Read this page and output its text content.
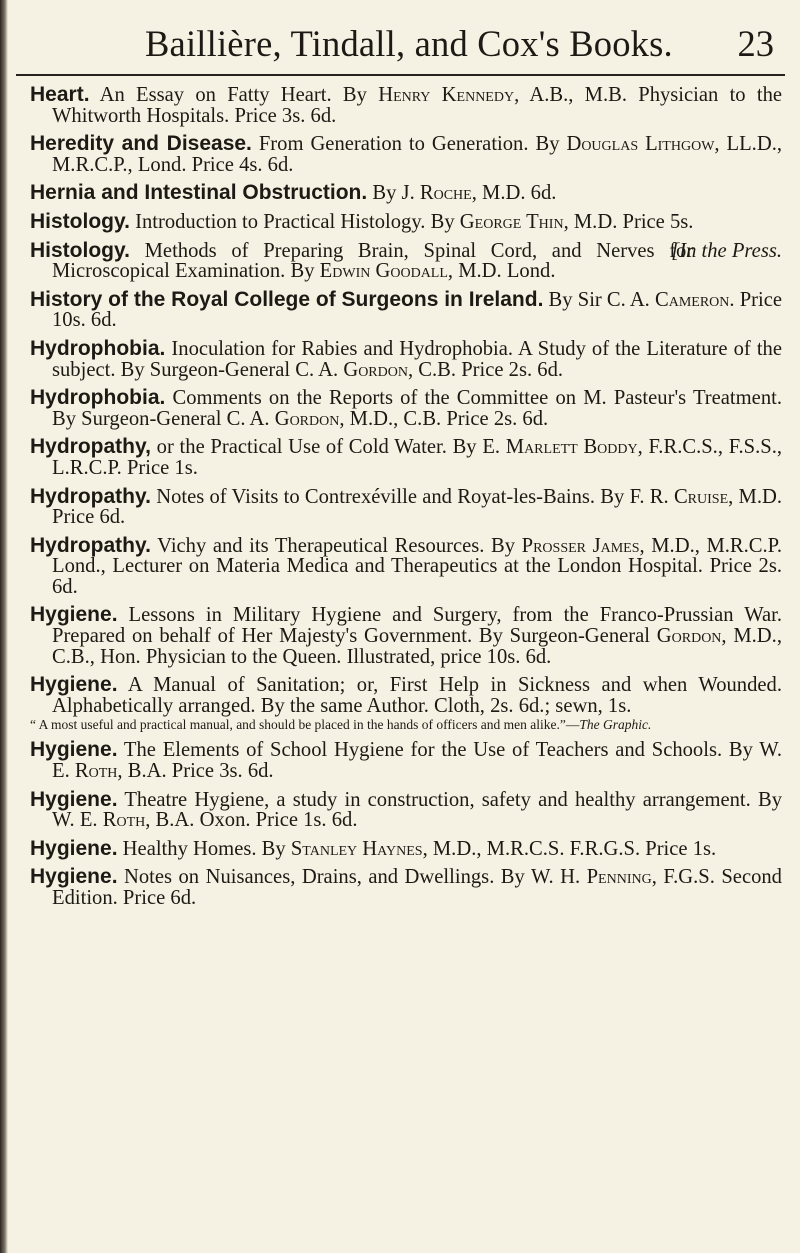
Baillière, Tindall, and Cox's Books. 23
Heart. An Essay on Fatty Heart. By Henry Kennedy, A.B., M.B. Physician to the Whitworth Hospitals. Price 3s. 6d.
Heredity and Disease. From Generation to Generation. By Douglas Lithgow, LL.D., M.R.C.P., Lond. Price 4s. 6d.
Hernia and Intestinal Obstruction. By J. Roche, M.D. 6d.
Histology. Introduction to Practical Histology. By George Thin, M.D. Price 5s.
[In the Press.
Histology. Methods of Preparing Brain, Spinal Cord, and Nerves for Microscopical Examination. By Edwin Goodall, M.D. Lond.
History of the Royal College of Surgeons in Ireland. By Sir C. A. Cameron. Price 10s. 6d.
Hydrophobia. Inoculation for Rabies and Hydrophobia. A Study of the Literature of the subject. By Surgeon-General C. A. Gordon, C.B. Price 2s. 6d.
Hydrophobia. Comments on the Reports of the Committee on M. Pasteur's Treatment. By Surgeon-General C. A. Gordon, M.D., C.B. Price 2s. 6d.
Hydropathy, or the Practical Use of Cold Water. By E. Marlett Boddy, F.R.C.S., F.S.S., L.R.C.P. Price 1s.
Hydropathy. Notes of Visits to Contrexéville and Royat-les-Bains. By F. R. Cruise, M.D. Price 6d.
Hydropathy. Vichy and its Therapeutical Resources. By Prosser James, M.D., M.R.C.P. Lond., Lecturer on Materia Medica and Therapeutics at the London Hospital. Price 2s. 6d.
Hygiene. Lessons in Military Hygiene and Surgery, from the Franco-Prussian War. Prepared on behalf of Her Majesty's Government. By Surgeon-General Gordon, M.D., C.B., Hon. Physician to the Queen. Illustrated, price 10s. 6d.
Hygiene. A Manual of Sanitation; or, First Help in Sickness and when Wounded. Alphabetically arranged. By the same Author. Cloth, 2s. 6d.; sewn, 1s.
“ A most useful and practical manual, and should be placed in the hands of officers and men alike.”—The Graphic.
Hygiene. The Elements of School Hygiene for the Use of Teachers and Schools. By W. E. Roth, B.A. Price 3s. 6d.
Hygiene. Theatre Hygiene, a study in construction, safety and healthy arrangement. By W. E. Roth, B.A. Oxon. Price 1s. 6d.
Hygiene. Healthy Homes. By Stanley Haynes, M.D., M.R.C.S. F.R.G.S. Price 1s.
Hygiene. Notes on Nuisances, Drains, and Dwellings. By W. H. Penning, F.G.S. Second Edition. Price 6d.
